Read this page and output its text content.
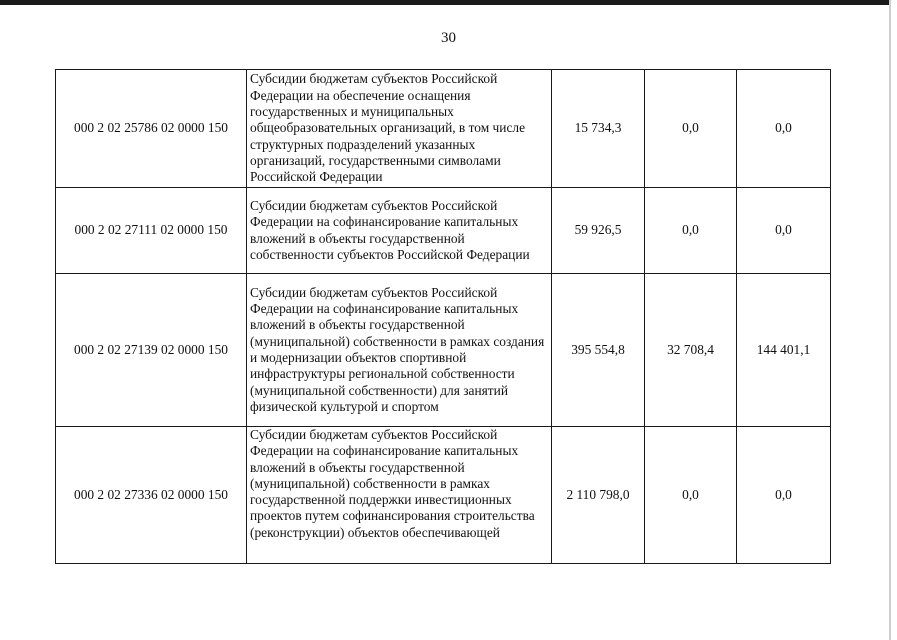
30
000 2 02 25786 02 0000 150	Субсидии бюджетам субъектов Российской Федерации на обеспечение оснащения государственных и муниципальных общеобразовательных организаций, в том числе структурных подразделений указанных организаций, государственными символами Российской Федерации	15 734,3	0,0	0,0
000 2 02 27111 02 0000 150	Субсидии бюджетам субъектов Российской Федерации на софинансирование капитальных вложений в объекты государственной собственности субъектов Российской Федерации	59 926,5	0,0	0,0
000 2 02 27139 02 0000 150	Субсидии бюджетам субъектов Российской Федерации на софинансирование капитальных вложений в объекты государственной (муниципальной) собственности в рамках создания и модернизации объектов спортивной инфраструктуры региональной собственности (муниципальной собственности) для занятий физической культурой и спортом	395 554,8	32 708,4	144 401,1
000 2 02 27336 02 0000 150	Субсидии бюджетам субъектов Российской Федерации на софинансирование капитальных вложений в объекты государственной (муниципальной) собственности в рамках государственной поддержки инвестиционных проектов путем софинансирования строительства (реконструкции) объектов обеспечивающей	2 110 798,0	0,0	0,0
